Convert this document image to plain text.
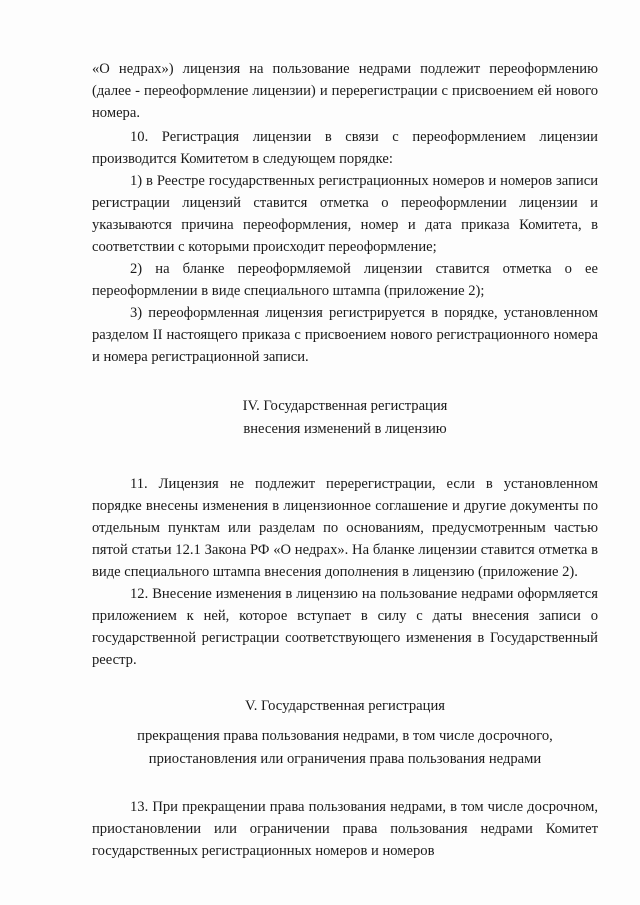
«О недрах») лицензия на пользование недрами подлежит переоформлению (далее - переоформление лицензии) и перерегистрации с присвоением ей нового номера.

10. Регистрация лицензии в связи с переоформлением лицензии производится Комитетом в следующем порядке:

1) в Реестре государственных регистрационных номеров и номеров записи регистрации лицензий ставится отметка о переоформлении лицензии и указываются причина переоформления, номер и дата приказа Комитета, в соответствии с которыми происходит переоформление;

2) на бланке переоформляемой лицензии ставится отметка о ее переоформлении в виде специального штампа (приложение 2);

3) переоформленная лицензия регистрируется в порядке, установленном разделом II настоящего приказа с присвоением нового регистрационного номера и номера регистрационной записи.

IV. Государственная регистрация

внесения изменений в лицензию

11. Лицензия не подлежит перерегистрации, если в установленном порядке внесены изменения в лицензионное соглашение и другие документы по отдельным пунктам или разделам по основаниям, предусмотренным частью пятой статьи 12.1 Закона РФ «О недрах». На бланке лицензии ставится отметка в виде специального штампа внесения дополнения в лицензию (приложение 2).

12. Внесение изменения в лицензию на пользование недрами оформляется приложением к ней, которое вступает в силу с даты внесения записи о государственной регистрации соответствующего изменения в Государственный реестр.

V. Государственная регистрация

прекращения права пользования недрами, в том числе досрочного,

приостановления или ограничения права пользования недрами

13. При прекращении права пользования недрами, в том числе досрочном, приостановлении или ограничении права пользования недрами Комитет государственных регистрационных номеров и номеров
